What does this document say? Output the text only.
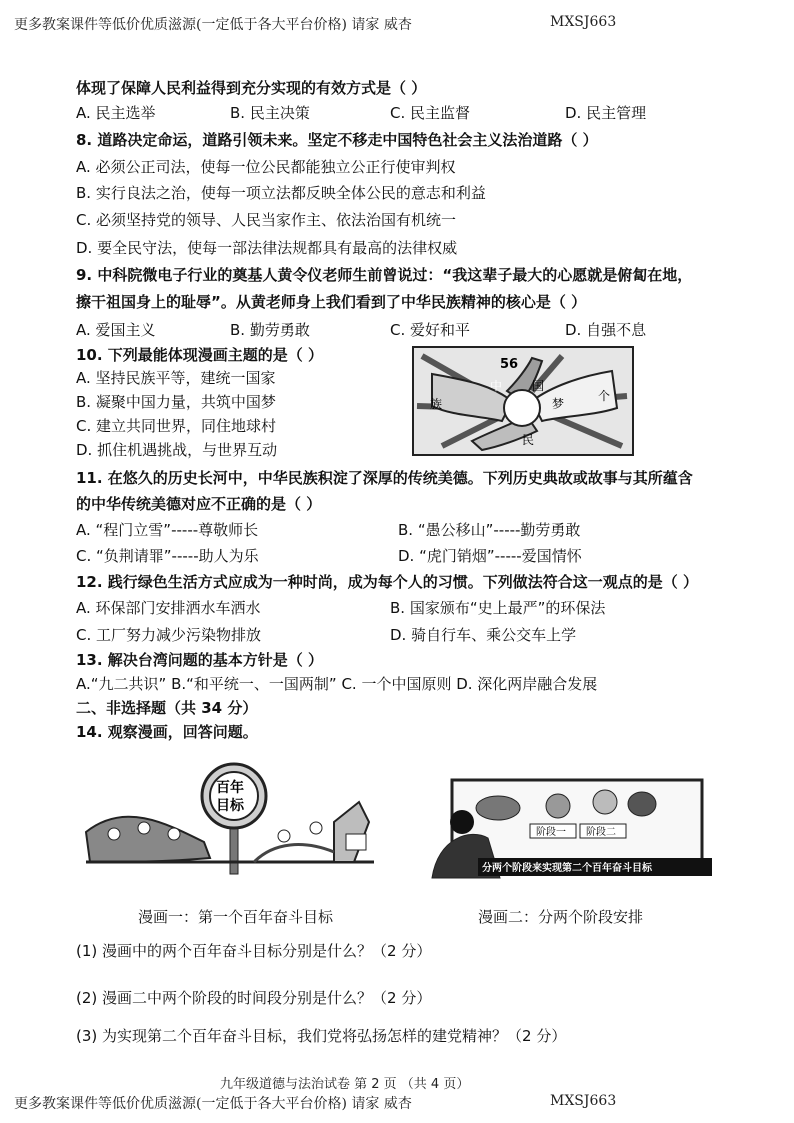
更多教案课件等低价优质滋源(一定低于各大平台价格) 请家 威杏	MXSJ663
体现了保障人民利益得到充分实现的有效方式是（ ）
A. 民主选举	B. 民主决策	C. 民主监督	D. 民主管理
8. 道路决定命运，道路引领未来。坚定不移走中国特色社会主义法治道路（ ）
A. 必须公正司法，使每一位公民都能独立公正行使审判权
B. 实行良法之治，使每一项立法都反映全体公民的意志和利益
C. 必须坚持党的领导、人民当家作主、依法治国有机统一
D. 要全民守法，使每一部法律法规都具有最高的法律权威
9. 中科院微电子行业的奠基人黄令仪老师生前曾说过：“我这辈子最大的心愿就是俯匐在地，
擦干祖国身上的耻辱”。从黄老师身上我们看到了中华民族精神的核心是（ ）
A. 爱国主义	B. 勤劳勇敢	C. 爱好和平	D. 自强不息
10. 下列最能体现漫画主题的是（ ）
A. 坚持民族平等，建统一国家
B. 凝聚中国力量，共筑中国梦
C. 建立共同世界，同住地球村
D. 抓住机遇挑战，与世界互动
56
个
民
族
中 国
梦
11. 在悠久的历史长河中，中华民族积淀了深厚的传统美德。下列历史典故或故事与其所蕴含
的中华传统美德对应不正确的是（ ）
A. “程门立雪”-----尊敬师长	B. “愚公移山”-----勤劳勇敢
C. “负荆请罪”-----助人为乐	D. “虎门销烟”-----爱国情怀
12. 践行绿色生活方式应成为一种时尚，成为每个人的习惯。下列做法符合这一观点的是（ ）
A. 环保部门安排洒水车洒水	B. 国家颁布“史上最严”的环保法
C. 工厂努力减少污染物排放	D. 骑自行车、乘公交车上学
13. 解决台湾问题的基本方针是（ ）
A.“九二共识” B.“和平统一、一国两制” C. 一个中国原则 D. 深化两岸融合发展
二、非选择题（共 34 分）
14. 观察漫画，回答问题。
百年
目标
漫画一：第一个百年奋斗目标
阶段一 阶段二
分两个阶段来实现第二个百年奋斗目标
漫画二：分两个阶段安排
(1) 漫画中的两个百年奋斗目标分别是什么？（2 分）
(2) 漫画二中两个阶段的时间段分别是什么？（2 分）
(3) 为实现第二个百年奋斗目标，我们党将弘扬怎样的建党精神？（2 分）
九年级道德与法治试卷 第 2 页 （共 4 页）
更多教案课件等低价优质滋源(一定低于各大平台价格) 请家 威杏	MXSJ663
